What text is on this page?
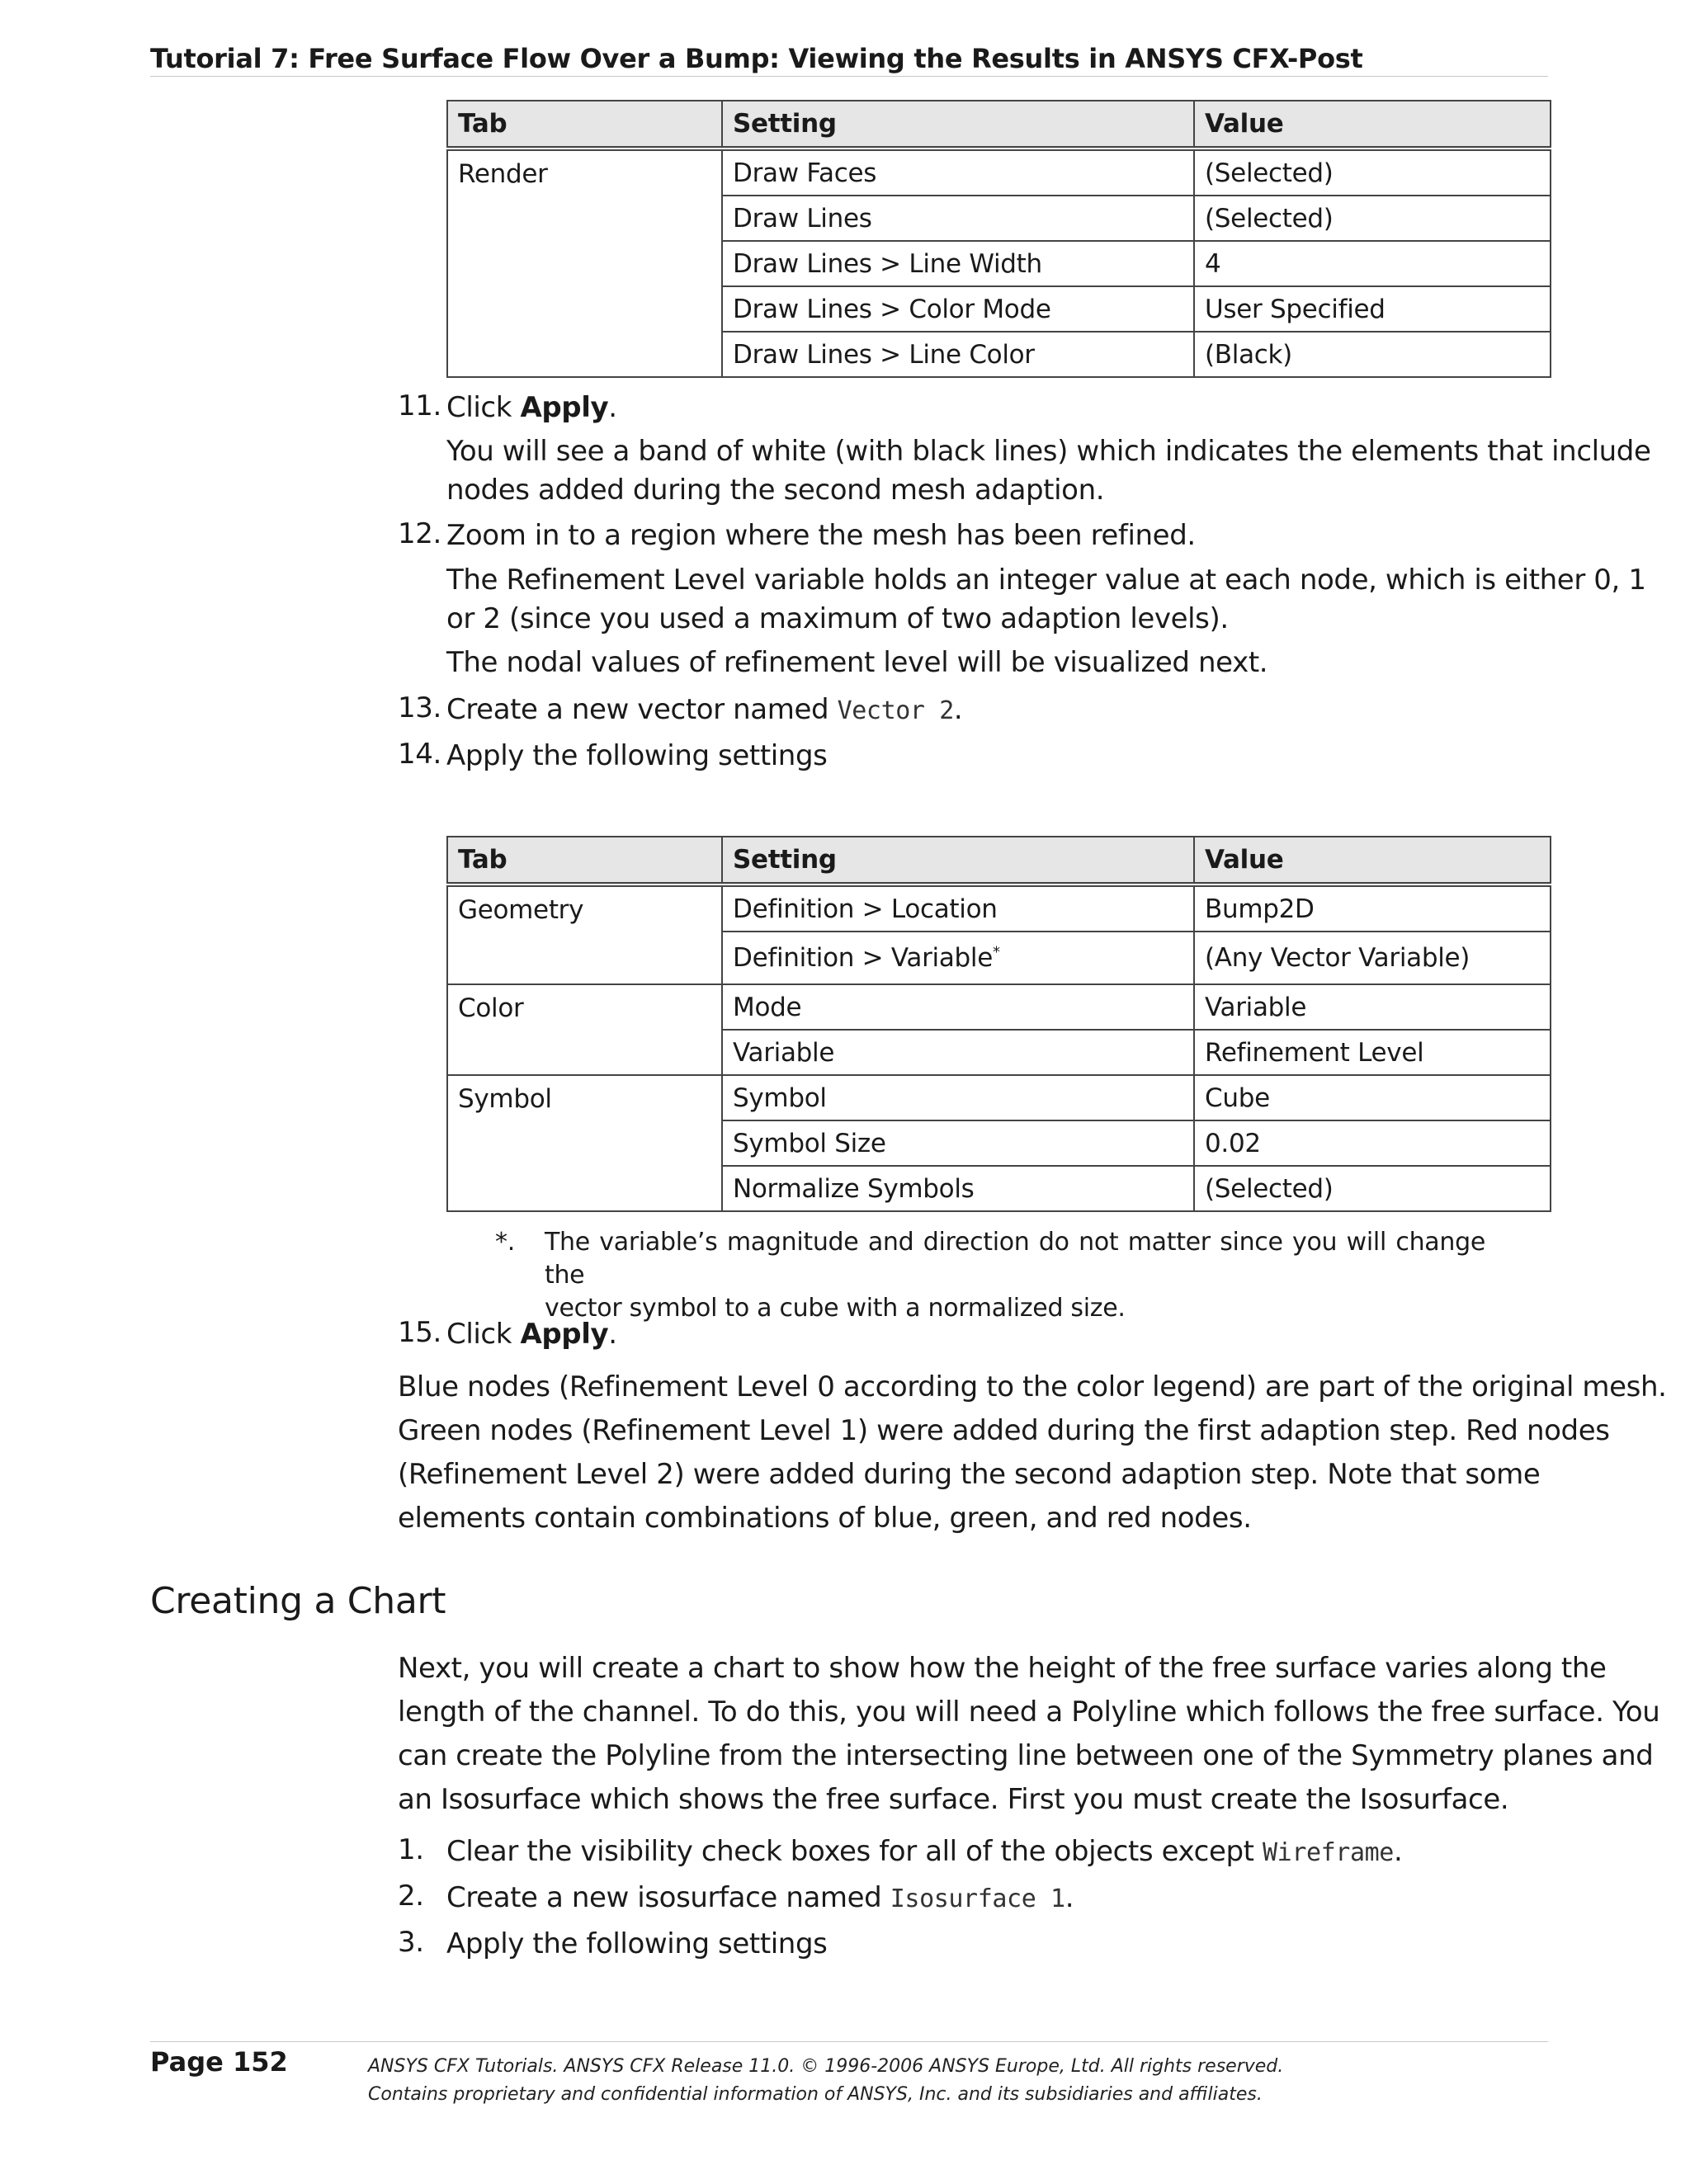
Tutorial 7: Free Surface Flow Over a Bump: Viewing the Results in ANSYS CFX-Post
Tab	Setting	Value
Render	Draw Faces	(Selected)
	Draw Lines	(Selected)
	Draw Lines > Line Width	4
	Draw Lines > Color Mode	User Specified
	Draw Lines > Line Color	(Black)
11. Click Apply.
You will see a band of white (with black lines) which indicates the elements that include
nodes added during the second mesh adaption.
12. Zoom in to a region where the mesh has been refined.
The Refinement Level variable holds an integer value at each node, which is either 0, 1
or 2 (since you used a maximum of two adaption levels).
The nodal values of refinement level will be visualized next.
13. Create a new vector named Vector 2.
14. Apply the following settings
Tab	Setting	Value
Geometry	Definition > Location	Bump2D
	Definition > Variable*	(Any Vector Variable)
Color	Mode	Variable
	Variable	Refinement Level
Symbol	Symbol	Cube
	Symbol Size	0.02
	Normalize Symbols	(Selected)
*. The variable’s magnitude and direction do not matter since you will change the
vector symbol to a cube with a normalized size.
15. Click Apply.
Blue nodes (Refinement Level 0 according to the color legend) are part of the original mesh.
Green nodes (Refinement Level 1) were added during the first adaption step. Red nodes
(Refinement Level 2) were added during the second adaption step. Note that some
elements contain combinations of blue, green, and red nodes.
Creating a Chart
Next, you will create a chart to show how the height of the free surface varies along the
length of the channel. To do this, you will need a Polyline which follows the free surface. You
can create the Polyline from the intersecting line between one of the Symmetry planes and
an Isosurface which shows the free surface. First you must create the Isosurface.
1. Clear the visibility check boxes for all of the objects except Wireframe.
2. Create a new isosurface named Isosurface 1.
3. Apply the following settings
Page 152	ANSYS CFX Tutorials. ANSYS CFX Release 11.0. © 1996-2006 ANSYS Europe, Ltd. All rights reserved.
Contains proprietary and confidential information of ANSYS, Inc. and its subsidiaries and affiliates.
